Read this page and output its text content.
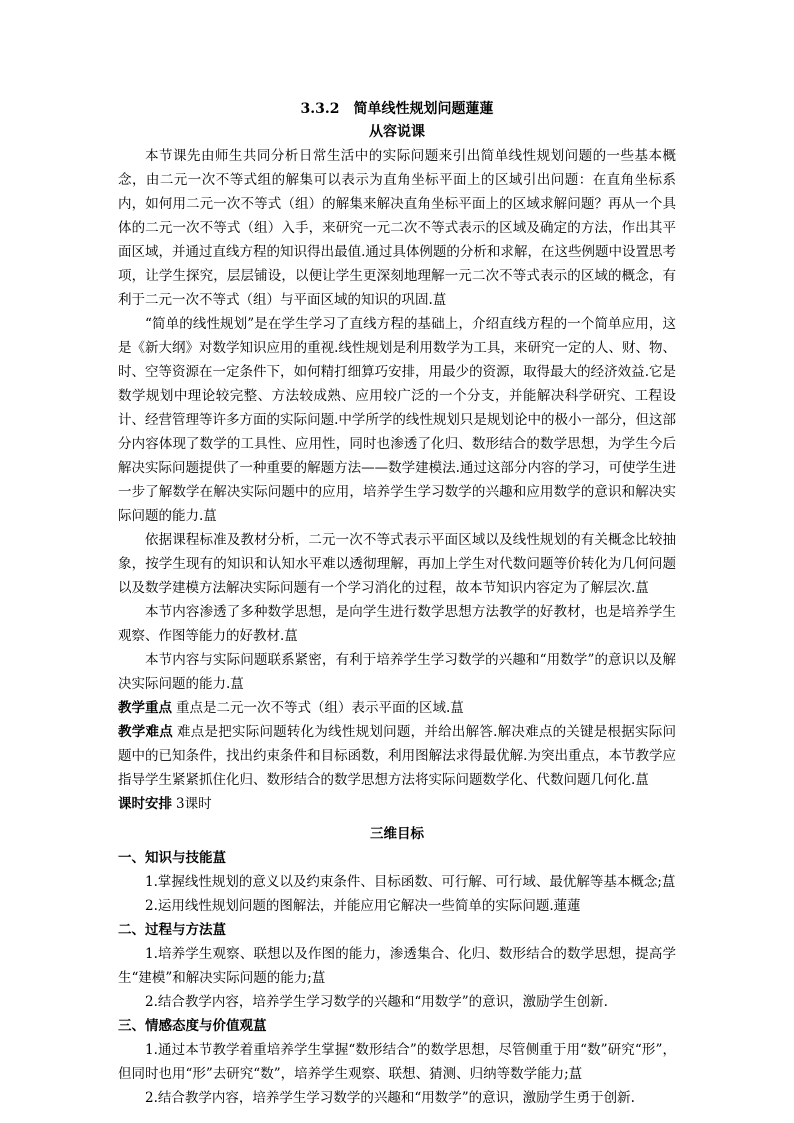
3.3.2　简单线性规划问题蓮蓮

从容说课

本节课先由师生共同分析日常生活中的实际问题来引出简单线性规划问题的一些基本概念，由二元一次不等式组的解集可以表示为直角坐标平面上的区域引出问题：在直角坐标系内，如何用二元一次不等式（组）的解集来解决直角坐标平面上的区域求解问题？再从一个具体的二元一次不等式（组）入手，来研究一元二次不等式表示的区域及确定的方法，作出其平面区域，并通过直线方程的知识得出最值.通过具体例题的分析和求解，在这些例题中设置思考项，让学生探究，层层铺设，以便让学生更深刻地理解一元二次不等式表示的区域的概念，有利于二元一次不等式（组）与平面区域的知识的巩固.蒀

“简单的线性规划”是在学生学习了直线方程的基础上，介绍直线方程的一个简单应用，这是《新大纲》对数学知识应用的重视.线性规划是利用数学为工具，来研究一定的人、财、物、时、空等资源在一定条件下，如何精打细算巧安排，用最少的资源，取得最大的经济效益.它是数学规划中理论较完整、方法较成熟、应用较广泛的一个分支，并能解决科学研究、工程设计、经营管理等许多方面的实际问题.中学所学的线性规划只是规划论中的极小一部分，但这部分内容体现了数学的工具性、应用性，同时也渗透了化归、数形结合的数学思想，为学生今后解决实际问题提供了一种重要的解题方法——数学建模法.通过这部分内容的学习，可使学生进一步了解数学在解决实际问题中的应用，培养学生学习数学的兴趣和应用数学的意识和解决实际问题的能力.蒀

依据课程标准及教材分析，二元一次不等式表示平面区域以及线性规划的有关概念比较抽象，按学生现有的知识和认知水平难以透彻理解，再加上学生对代数问题等价转化为几何问题以及数学建模方法解决实际问题有一个学习消化的过程，故本节知识内容定为了解层次.蒀

本节内容渗透了多种数学思想，是向学生进行数学思想方法教学的好教材，也是培养学生观察、作图等能力的好教材.蒀

本节内容与实际问题联系紧密，有利于培养学生学习数学的兴趣和“用数学”的意识以及解决实际问题的能力.蒀

教学重点 重点是二元一次不等式（组）表示平面的区域.蒀

教学难点 难点是把实际问题转化为线性规划问题，并给出解答.解决难点的关键是根据实际问题中的已知条件，找出约束条件和目标函数，利用图解法求得最优解.为突出重点，本节教学应指导学生紧紧抓住化归、数形结合的数学思想方法将实际问题数学化、代数问题几何化.蒀

课时安排 3课时

三维目标

一、知识与技能蒀

1.掌握线性规划的意义以及约束条件、目标函数、可行解、可行域、最优解等基本概念;蒀

2.运用线性规划问题的图解法，并能应用它解决一些简单的实际问题.蓮蓮

二、过程与方法蒀

1.培养学生观察、联想以及作图的能力，渗透集合、化归、数形结合的数学思想，提高学生“建模”和解决实际问题的能力;蒀

2.结合教学内容，培养学生学习数学的兴趣和“用数学”的意识，激励学生创新.

三、情感态度与价值观蒀

1.通过本节教学着重培养学生掌握“数形结合”的数学思想，尽管侧重于用“数”研究“形”，但同时也用“形”去研究“数”，培养学生观察、联想、猜测、归纳等数学能力;蒀

2.结合教学内容，培养学生学习数学的兴趣和“用数学”的意识，激励学生勇于创新.
